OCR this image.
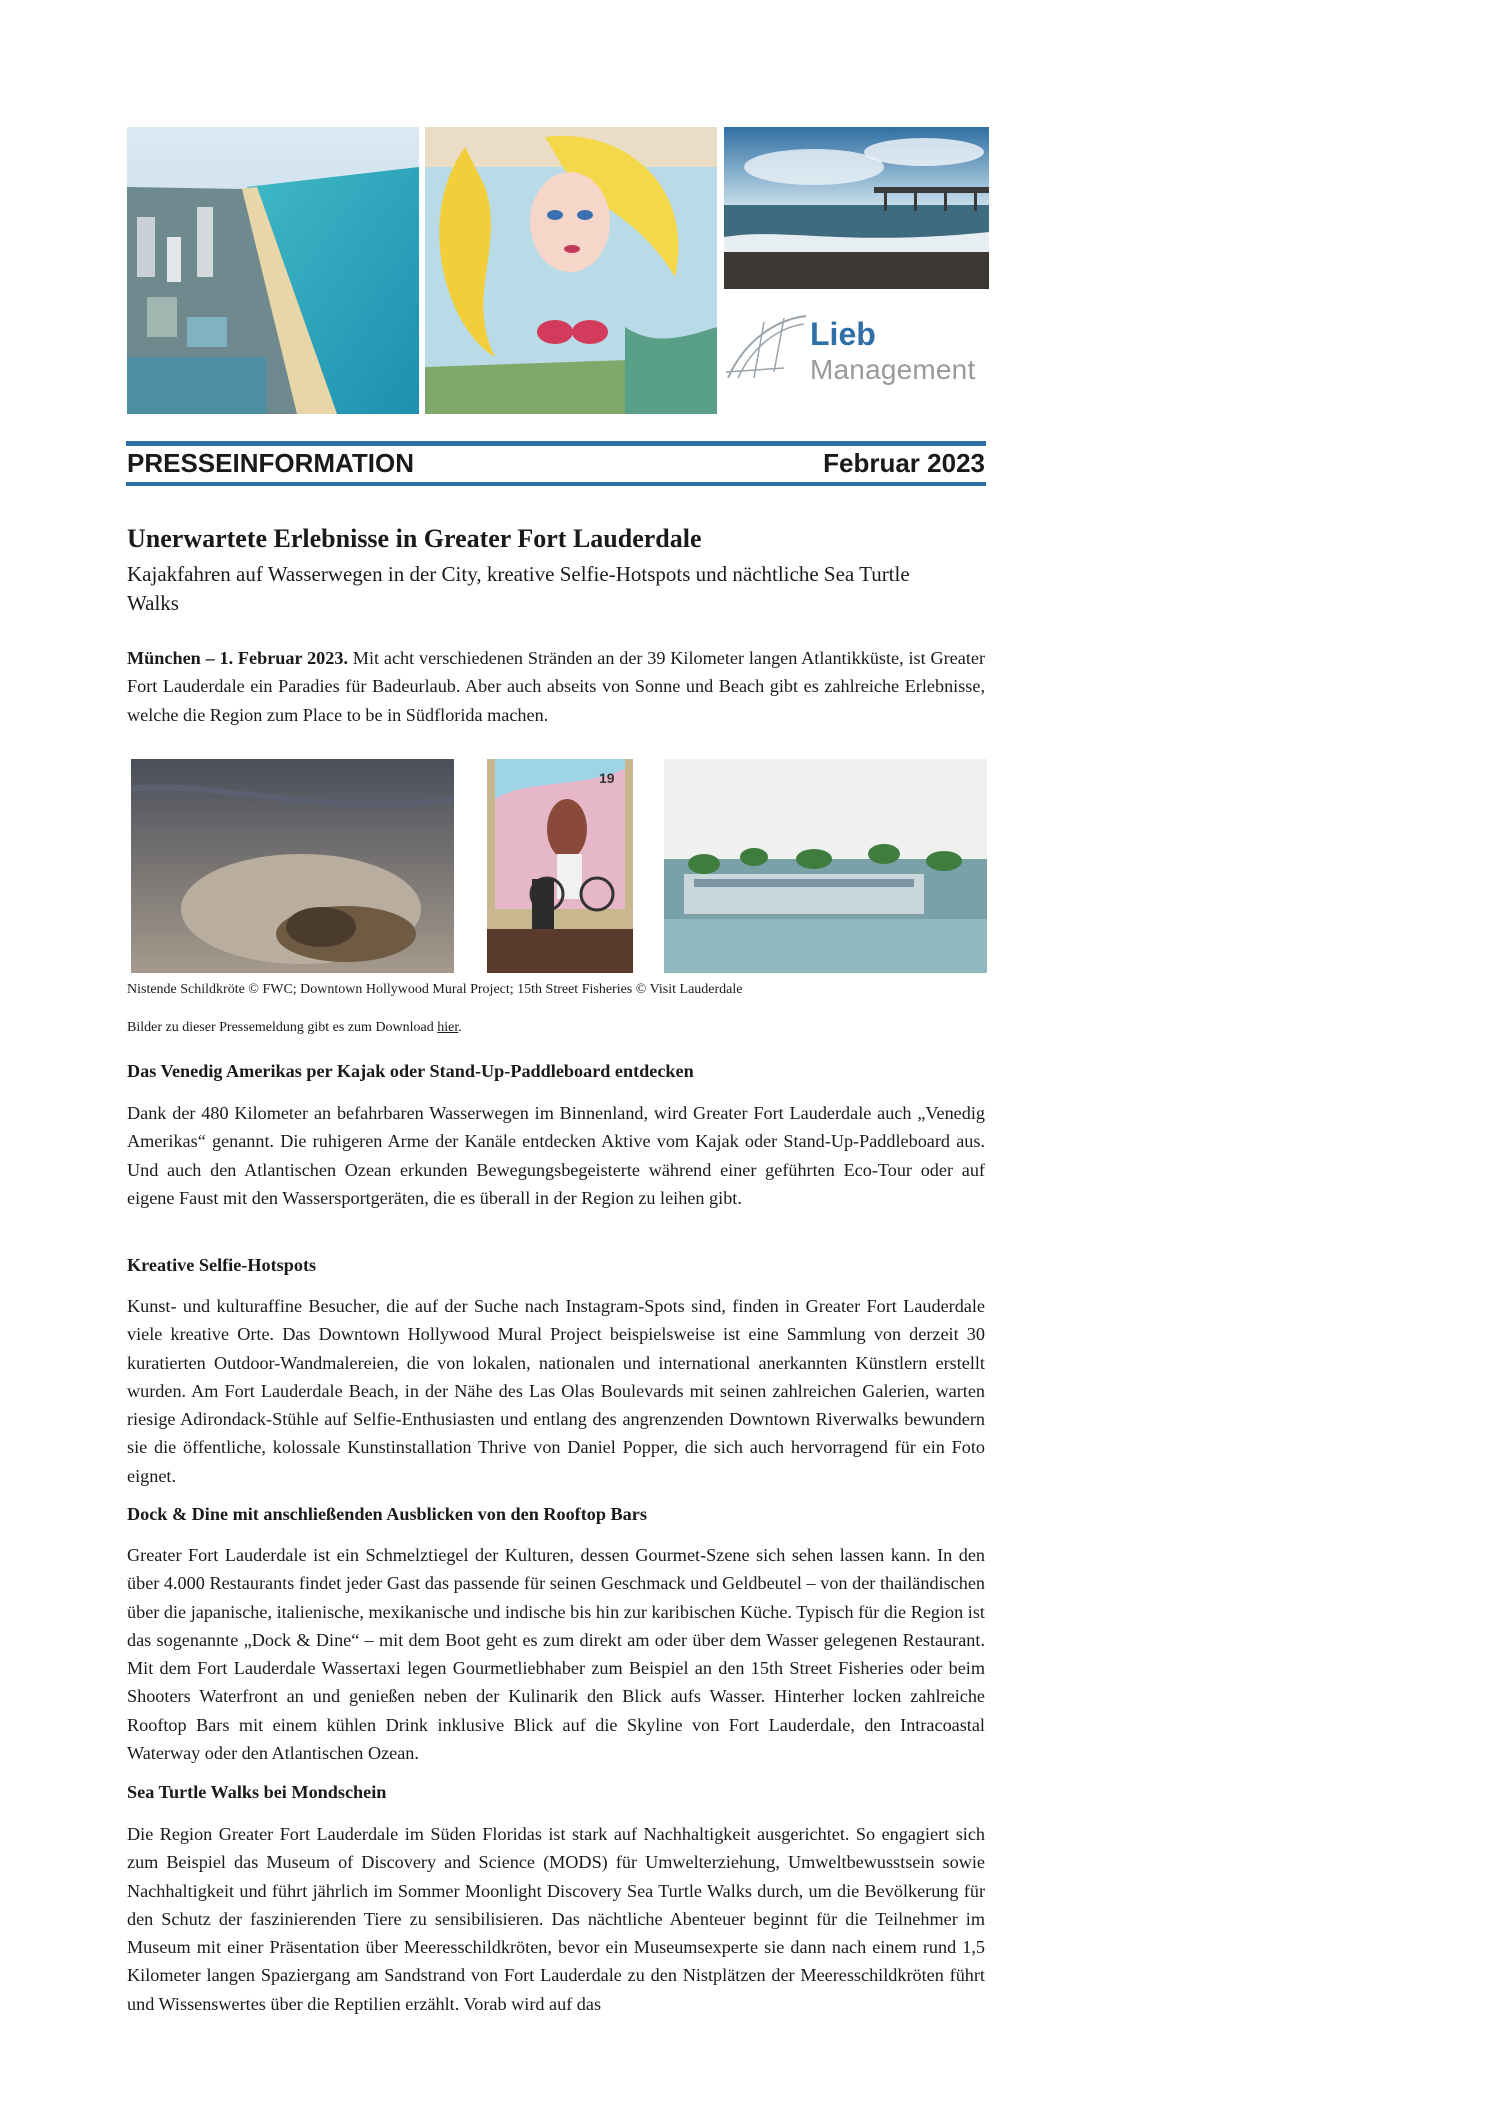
Lieb
Management
PRESSEINFORMATION	Februar 2023
Unerwartete Erlebnisse in Greater Fort Lauderdale
Kajakfahren auf Wasserwegen in der City, kreative Selfie-Hotspots und nächtliche Sea Turtle Walks

München – 1. Februar 2023. Mit acht verschiedenen Stränden an der 39 Kilometer langen Atlantikküste, ist Greater Fort Lauderdale ein Paradies für Badeurlaub. Aber auch abseits von Sonne und Beach gibt es zahlreiche Erlebnisse, welche die Region zum Place to be in Südflorida machen.

19
Nistende Schildkröte © FWC; Downtown Hollywood Mural Project; 15th Street Fisheries © Visit Lauderdale
Bilder zu dieser Pressemeldung gibt es zum Download hier.
Das Venedig Amerikas per Kajak oder Stand-Up-Paddleboard entdecken

Dank der 480 Kilometer an befahrbaren Wasserwegen im Binnenland, wird Greater Fort Lauderdale auch „Venedig Amerikas“ genannt. Die ruhigeren Arme der Kanäle entdecken Aktive vom Kajak oder Stand-Up-Paddleboard aus. Und auch den Atlantischen Ozean erkunden Bewegungsbegeisterte während einer geführten Eco-Tour oder auf eigene Faust mit den Wassersportgeräten, die es überall in der Region zu leihen gibt.

Kreative Selfie-Hotspots

Kunst- und kulturaffine Besucher, die auf der Suche nach Instagram-Spots sind, finden in Greater Fort Lauderdale viele kreative Orte. Das Downtown Hollywood Mural Project beispielsweise ist eine Sammlung von derzeit 30 kuratierten Outdoor-Wandmalereien, die von lokalen, nationalen und international anerkannten Künstlern erstellt wurden. Am Fort Lauderdale Beach, in der Nähe des Las Olas Boulevards mit seinen zahlreichen Galerien, warten riesige Adirondack-Stühle auf Selfie-Enthusiasten und entlang des angrenzenden Downtown Riverwalks bewundern sie die öffentliche, kolossale Kunstinstallation Thrive von Daniel Popper, die sich auch hervorragend für ein Foto eignet.

Dock & Dine mit anschließenden Ausblicken von den Rooftop Bars

Greater Fort Lauderdale ist ein Schmelztiegel der Kulturen, dessen Gourmet-Szene sich sehen lassen kann. In den über 4.000 Restaurants findet jeder Gast das passende für seinen Geschmack und Geldbeutel – von der thailändischen über die japanische, italienische, mexikanische und indische bis hin zur karibischen Küche. Typisch für die Region ist das sogenannte „Dock & Dine“ – mit dem Boot geht es zum direkt am oder über dem Wasser gelegenen Restaurant. Mit dem Fort Lauderdale Wassertaxi legen Gourmetliebhaber zum Beispiel an den 15th Street Fisheries oder beim Shooters Waterfront an und genießen neben der Kulinarik den Blick aufs Wasser. Hinterher locken zahlreiche Rooftop Bars mit einem kühlen Drink inklusive Blick auf die Skyline von Fort Lauderdale, den Intracoastal Waterway oder den Atlantischen Ozean.

Sea Turtle Walks bei Mondschein

Die Region Greater Fort Lauderdale im Süden Floridas ist stark auf Nachhaltigkeit ausgerichtet. So engagiert sich zum Beispiel das Museum of Discovery and Science (MODS) für Umwelterziehung, Umweltbewusstsein sowie Nachhaltigkeit und führt jährlich im Sommer Moonlight Discovery Sea Turtle Walks durch, um die Bevölkerung für den Schutz der faszinierenden Tiere zu sensibilisieren. Das nächtliche Abenteuer beginnt für die Teilnehmer im Museum mit einer Präsentation über Meeresschildkröten, bevor ein Museumsexperte sie dann nach einem rund 1,5 Kilometer langen Spaziergang am Sandstrand von Fort Lauderdale zu den Nistplätzen der Meeresschildkröten führt und Wissenswertes über die Reptilien erzählt. Vorab wird auf das
